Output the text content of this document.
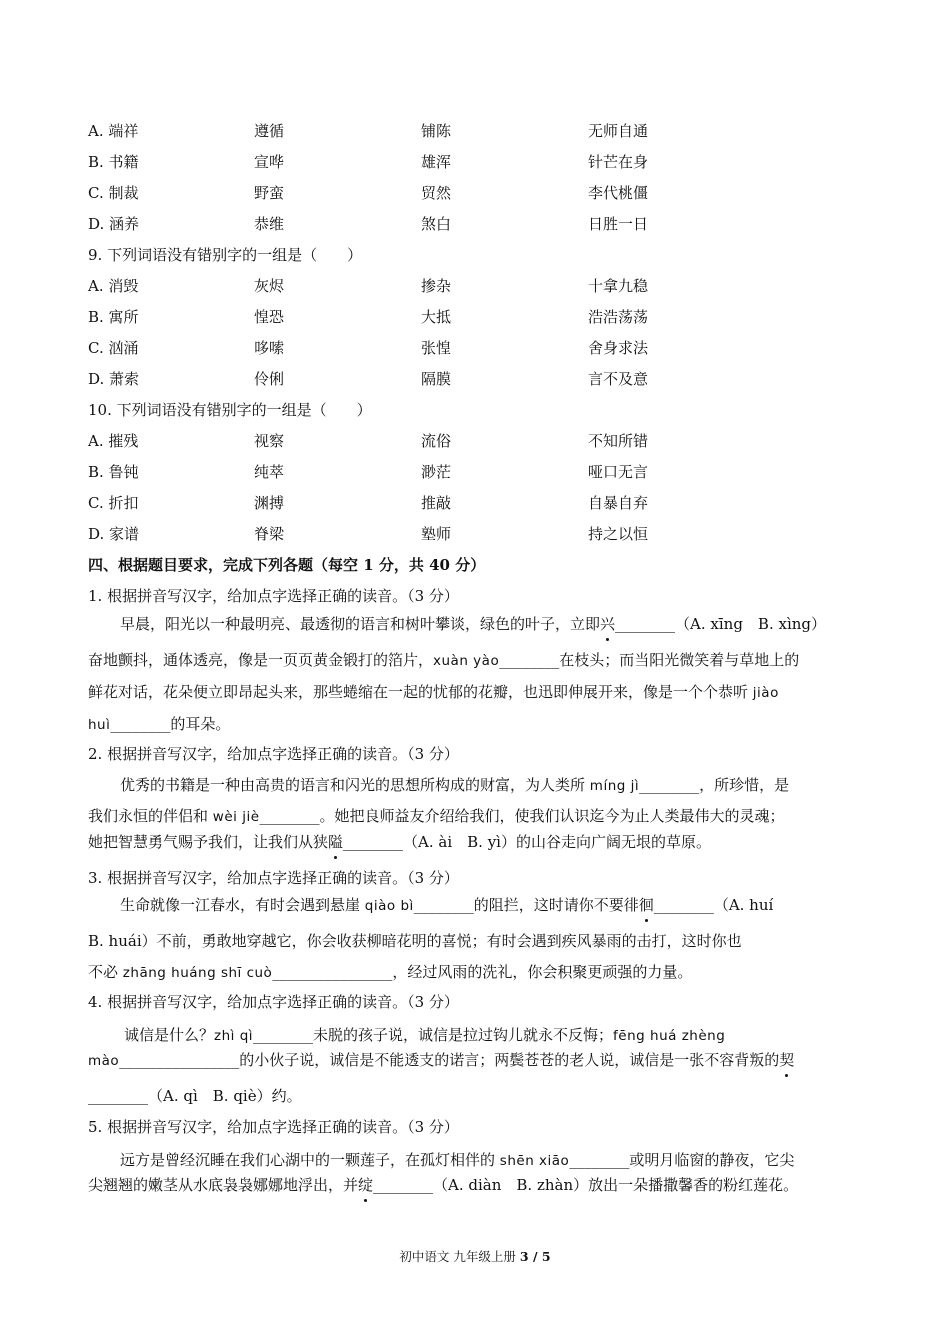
A. 端祥	遵循	铺陈	无师自通
B. 书籍	宣哗	雄浑	针芒在身
C. 制裁	野蛮	贸然	李代桃僵
D. 涵养	恭维	煞白	日胜一日
9. 下列词语没有错别字的一组是（　　）
A. 消毁	灰烬	掺杂	十拿九稳
B. 寓所	惶恐	大抵	浩浩荡荡
C. 汹涌	哆嗦	张惶	舍身求法
D. 萧索	伶俐	隔膜	言不及意
10. 下列词语没有错别字的一组是（　　）
A. 摧残	视察	流俗	不知所错
B. 鲁钝	纯萃	渺茫	哑口无言
C. 折扣	渊搏	推敲	自暴自弃
D. 家谱	脊梁	塾师	持之以恒
四、根据题目要求，完成下列各题（每空 1 分，共 40 分）
1. 根据拼音写汉字，给加点字选择正确的读音。（3 分）
早晨，阳光以一种最明亮、最透彻的语言和树叶攀谈，绿色的叶子，立即兴________（A. xīng　B. xìng）
奋地颤抖，通体透亮，像是一页页黄金锻打的箔片，xuàn yào________在枝头；而当阳光微笑着与草地上的
鲜花对话，花朵便立即昂起头来，那些蜷缩在一起的忧郁的花瓣，也迅即伸展开来，像是一个个恭听 jiào
huì________的耳朵。
2. 根据拼音写汉字，给加点字选择正确的读音。（3 分）
优秀的书籍是一种由高贵的语言和闪光的思想所构成的财富，为人类所 míng jì________，所珍惜，是
我们永恒的伴侣和 wèi jiè________。她把良师益友介绍给我们，使我们认识迄今为止人类最伟大的灵魂；
她把智慧勇气赐予我们，让我们从狭隘________（A. ài　B. yì）的山谷走向广阔无垠的草原。
3. 根据拼音写汉字，给加点字选择正确的读音。（3 分）
生命就像一江春水，有时会遇到悬崖 qiào bì________的阻拦，这时请你不要徘徊________（A. huí
B. huái）不前，勇敢地穿越它，你会收获柳暗花明的喜悦；有时会遇到疾风暴雨的击打，这时你也
不必 zhāng huáng shī cuò________________，经过风雨的洗礼，你会积聚更顽强的力量。
4. 根据拼音写汉字，给加点字选择正确的读音。（3 分）
诚信是什么？zhì qì________未脱的孩子说，诚信是拉过钩儿就永不反悔；fēng huá zhèng
mào________________的小伙子说，诚信是不能透支的诺言；两鬓苍苍的老人说，诚信是一张不容背叛的契
________（A. qì　B. qiè）约。
5. 根据拼音写汉字，给加点字选择正确的读音。（3 分）
远方是曾经沉睡在我们心湖中的一颗莲子，在孤灯相伴的 shēn xiāo________或明月临窗的静夜，它尖
尖翘翘的嫩茎从水底袅袅娜娜地浮出，并绽________（A. diàn　B. zhàn）放出一朵播撒馨香的粉红莲花。
初中语文 九年级上册 3 / 5
